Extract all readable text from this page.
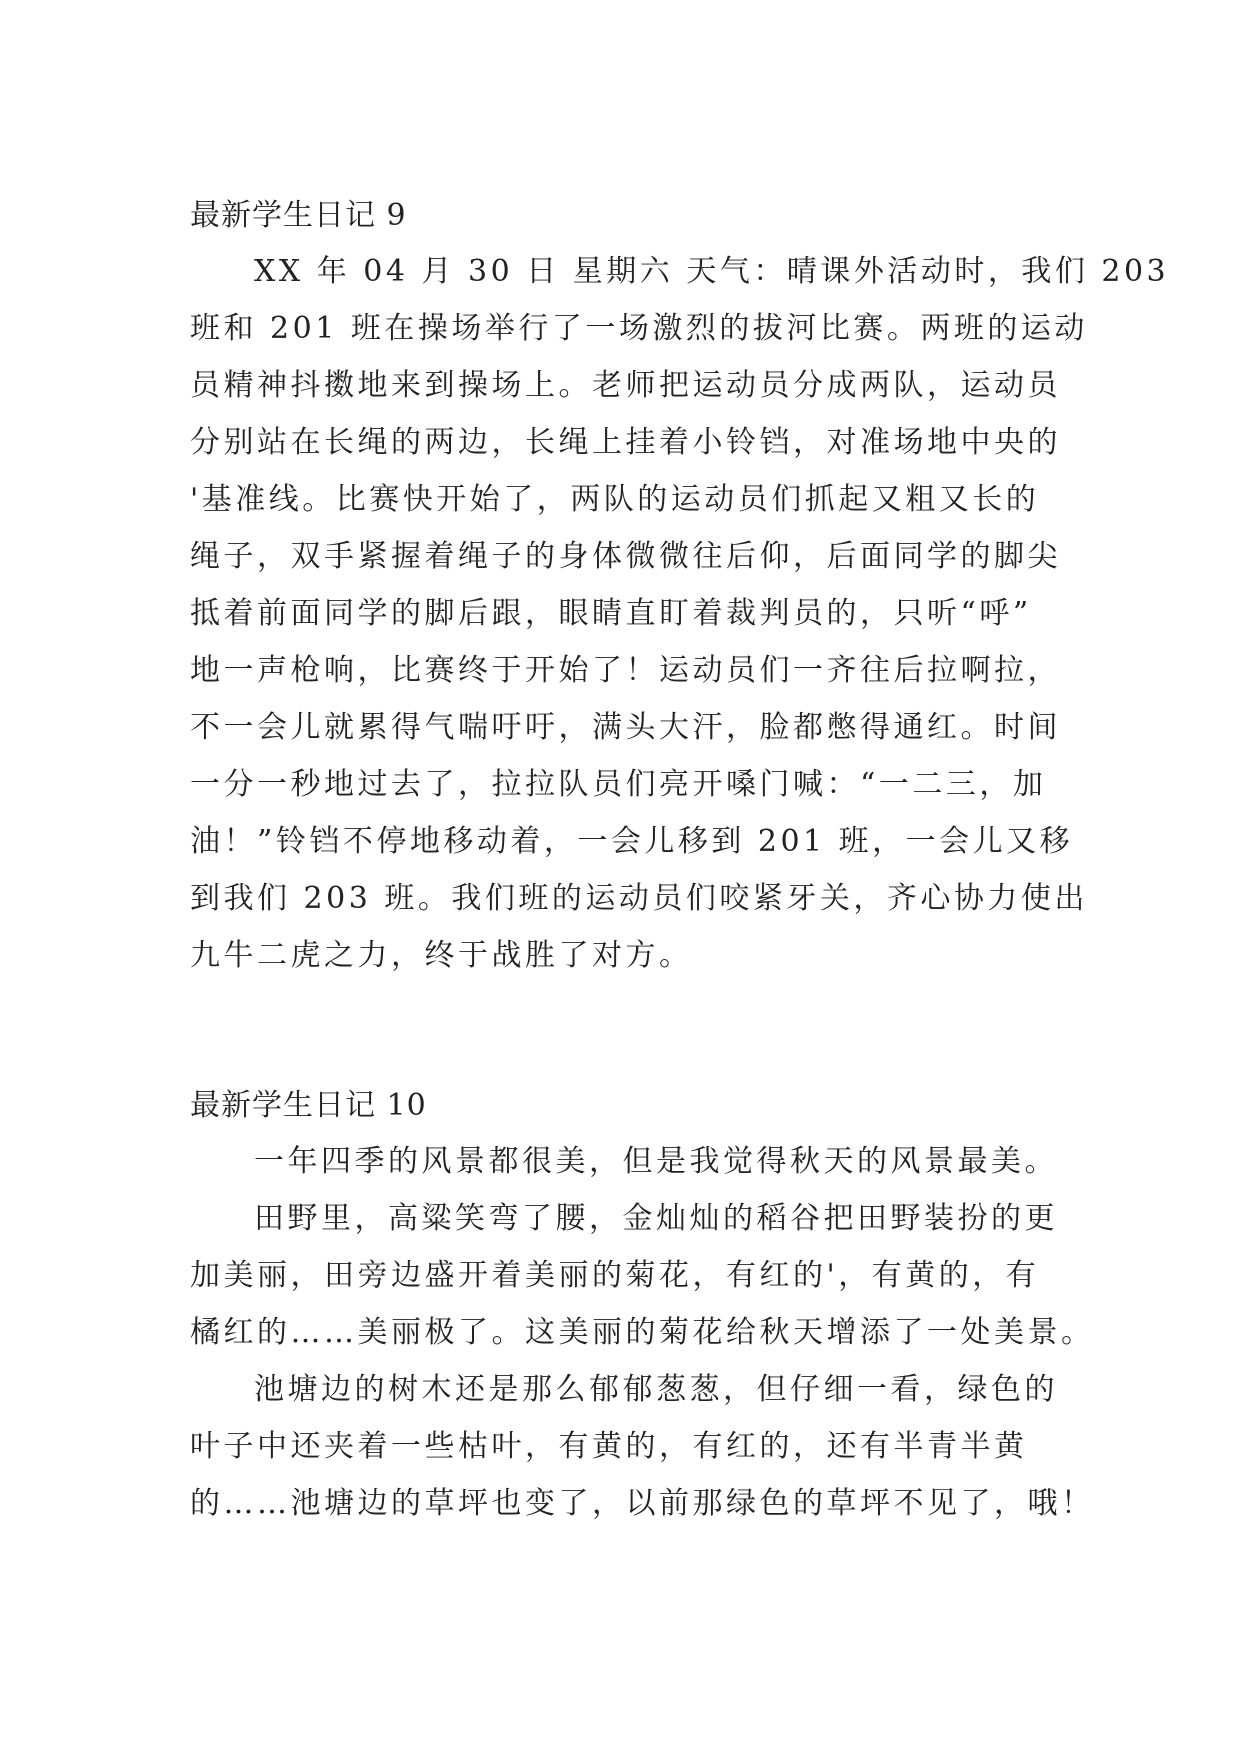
最新学生日记 9
XX 年 04 月 30 日 星期六 天气：晴课外活动时，我们 203
班和 201 班在操场举行了一场激烈的拔河比赛。两班的运动
员精神抖擞地来到操场上。老师把运动员分成两队，运动员
分别站在长绳的两边，长绳上挂着小铃铛，对准场地中央的
'基准线。比赛快开始了，两队的运动员们抓起又粗又长的
绳子，双手紧握着绳子的身体微微往后仰，后面同学的脚尖
抵着前面同学的脚后跟，眼睛直盯着裁判员的，只听“呼”
地一声枪响，比赛终于开始了！运动员们一齐往后拉啊拉，
不一会儿就累得气喘吁吁，满头大汗，脸都憋得通红。时间
一分一秒地过去了，拉拉队员们亮开嗓门喊：“一二三，加
油！”铃铛不停地移动着，一会儿移到 201 班，一会儿又移
到我们 203 班。我们班的运动员们咬紧牙关，齐心协力使出
九牛二虎之力，终于战胜了对方。
最新学生日记 10
一年四季的风景都很美，但是我觉得秋天的风景最美。
田野里，高粱笑弯了腰，金灿灿的稻谷把田野装扮的更
加美丽，田旁边盛开着美丽的菊花，有红的'，有黄的，有
橘红的……美丽极了。这美丽的菊花给秋天增添了一处美景。
池塘边的树木还是那么郁郁葱葱，但仔细一看，绿色的
叶子中还夹着一些枯叶，有黄的，有红的，还有半青半黄
的……池塘边的草坪也变了，以前那绿色的草坪不见了，哦！
